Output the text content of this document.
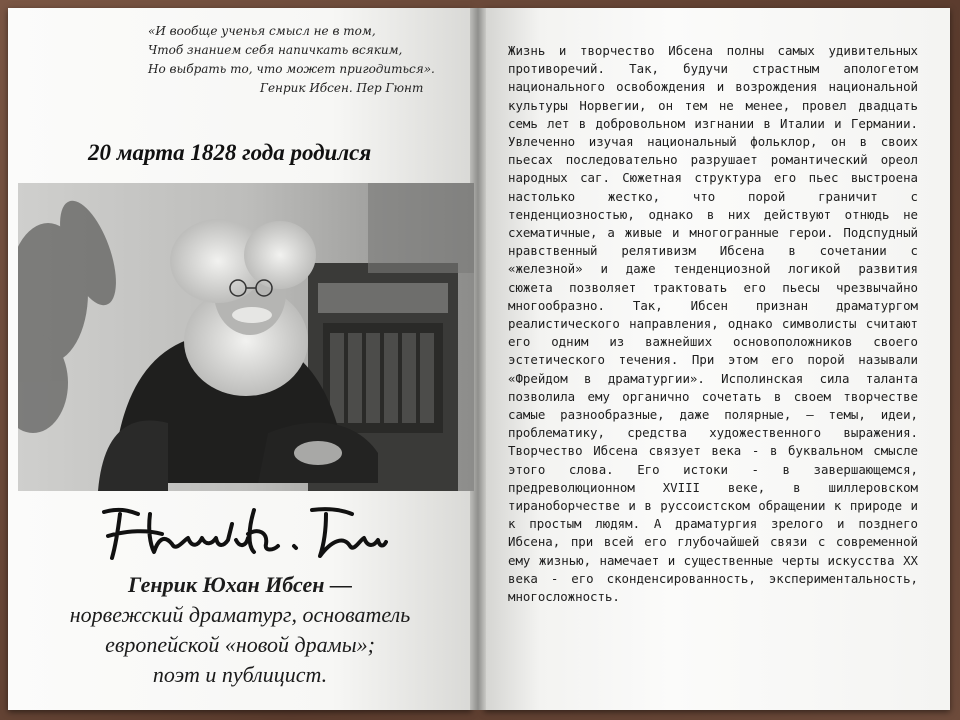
«И вообще ученья смысл не в том,
Чтоб знанием себя напичкать всяким,
Но выбрать то, что может пригодиться».
Генрик Ибсен. Пер Гюнт
20 марта 1828 года родился
Генрик Юхан Ибсен —
норвежский драматург, основатель
европейской «новой драмы»;
поэт и публицист.
Жизнь и творчество Ибсена полны самых удивительных противоречий. Так, будучи страстным апологетом национального освобождения и возрождения национальной культуры Норвегии, он тем не менее, провел двадцать семь лет в добровольном изгнании в Италии и Германии. Увлеченно изучая национальный фольклор, он в своих пьесах последовательно разрушает романтический ореол народных саг. Сюжетная структура его пьес выстроена настолько жестко, что порой граничит с тенденциозностью, однако в них действуют отнюдь не схематичные, а живые и многогранные герои. Подспудный нравственный релятивизм Ибсена в сочетании с «железной» и даже тенденциозной логикой развития сюжета позволяет трактовать его пьесы чрезвычайно многообразно. Так, Ибсен признан драматургом реалистического направления, однако символисты считают его одним из важнейших основоположников своего эстетического течения. При этом его порой называли «Фрейдом в драматургии». Исполинская сила таланта позволила ему органично сочетать в своем творчестве самые разнообразные, даже полярные, – темы, идеи, проблематику, средства художественного выражения. Творчество Ибсена связует века - в буквальном смысле этого слова. Его истоки - в завершающемся, предреволюционном XVIII веке, в шиллеровском тираноборчестве и в руссоистском обращении к природе и к простым людям. А драматургия зрелого и позднего Ибсена, при всей его глубочайшей связи с современной ему жизнью, намечает и существенные черты искусства XX века - его сконденсированность, экспериментальность, многосложность.
